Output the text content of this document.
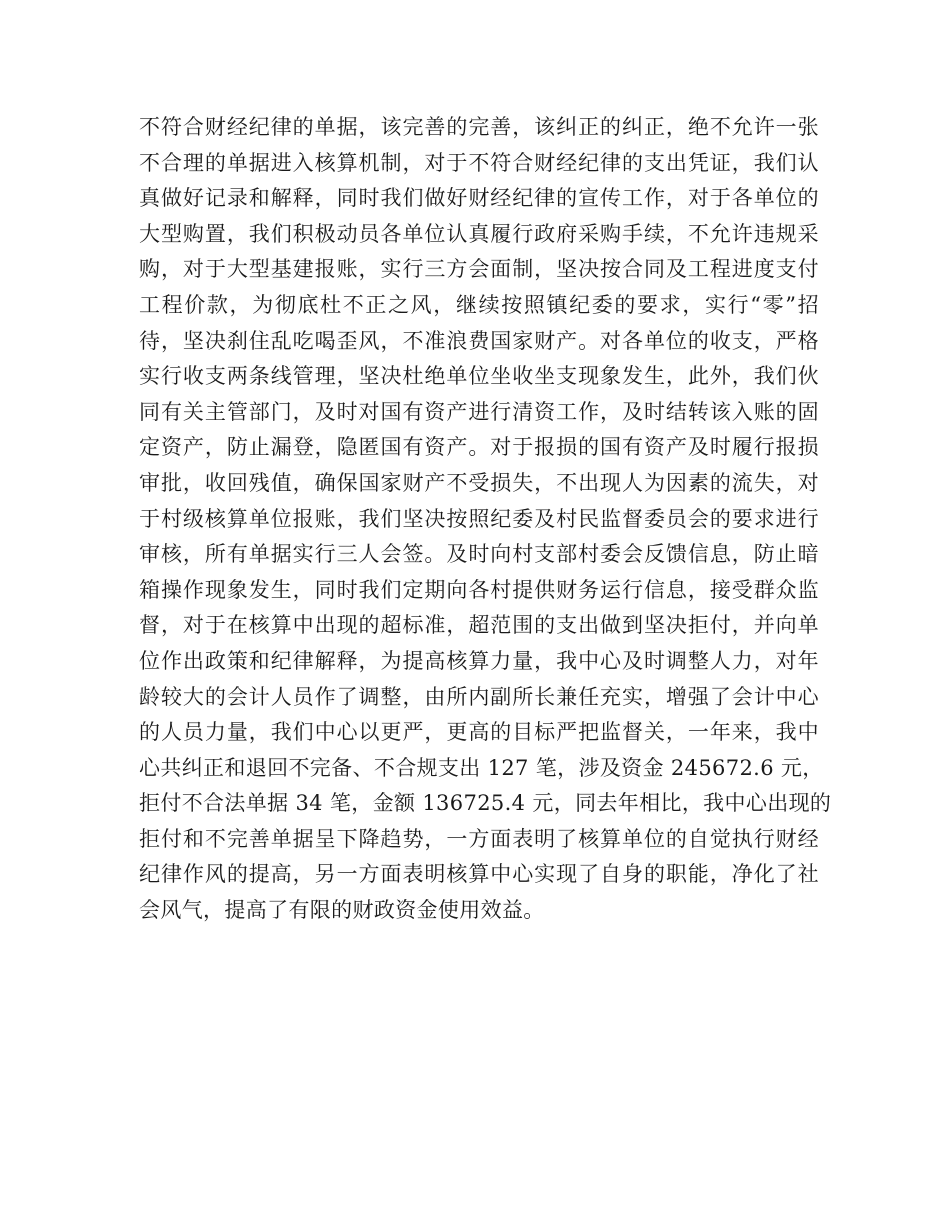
不符合财经纪律的单据，该完善的完善，该纠正的纠正，绝不允许一张
不合理的单据进入核算机制，对于不符合财经纪律的支出凭证，我们认
真做好记录和解释，同时我们做好财经纪律的宣传工作，对于各单位的
大型购置，我们积极动员各单位认真履行政府采购手续，不允许违规采
购，对于大型基建报账，实行三方会面制，坚决按合同及工程进度支付
工程价款，为彻底杜不正之风，继续按照镇纪委的要求，实行“零”招
待，坚决刹住乱吃喝歪风，不准浪费国家财产。对各单位的收支，严格
实行收支两条线管理，坚决杜绝单位坐收坐支现象发生，此外，我们伙
同有关主管部门，及时对国有资产进行清资工作，及时结转该入账的固
定资产，防止漏登，隐匿国有资产。对于报损的国有资产及时履行报损
审批，收回残值，确保国家财产不受损失，不出现人为因素的流失，对
于村级核算单位报账，我们坚决按照纪委及村民监督委员会的要求进行
审核，所有单据实行三人会签。及时向村支部村委会反馈信息，防止暗
箱操作现象发生，同时我们定期向各村提供财务运行信息，接受群众监
督，对于在核算中出现的超标准，超范围的支出做到坚决拒付，并向单
位作出政策和纪律解释，为提高核算力量，我中心及时调整人力，对年
龄较大的会计人员作了调整，由所内副所长兼任充实，增强了会计中心
的人员力量，我们中心以更严，更高的目标严把监督关，一年来，我中
心共纠正和退回不完备、不合规支出 127 笔，涉及资金 245672.6 元，
拒付不合法单据 34 笔，金额 136725.4 元，同去年相比，我中心出现的
拒付和不完善单据呈下降趋势，一方面表明了核算单位的自觉执行财经
纪律作风的提高，另一方面表明核算中心实现了自身的职能，净化了社
会风气，提高了有限的财政资金使用效益。
